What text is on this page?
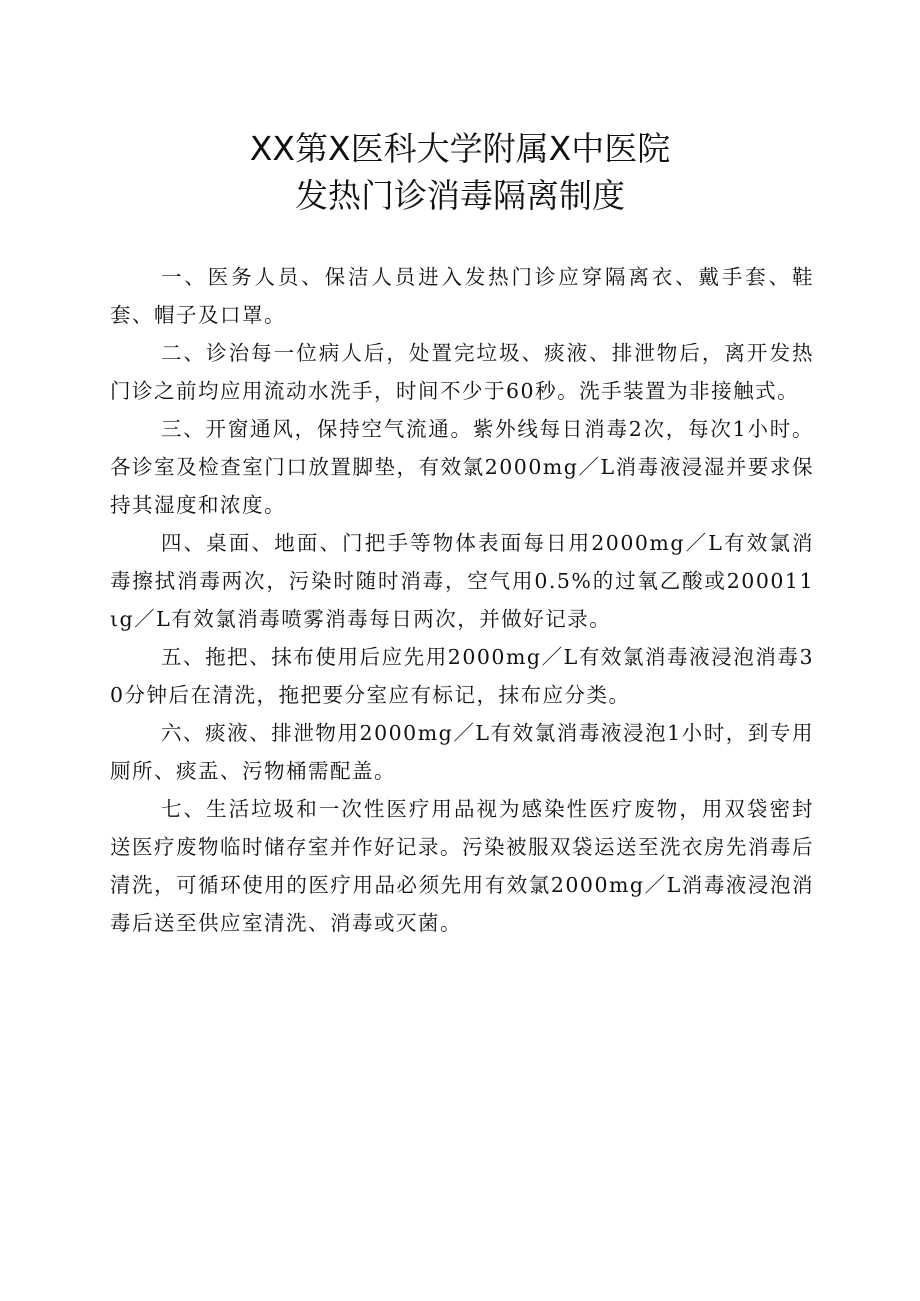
XX第X医科大学附属X中医院
发热门诊消毒隔离制度

一、医务人员、保洁人员进入发热门诊应穿隔离衣、戴手套、鞋套、帽子及口罩。

二、诊治每一位病人后，处置完垃圾、痰液、排泄物后，离开发热门诊之前均应用流动水洗手，时间不少于60秒。洗手装置为非接触式。

三、开窗通风，保持空气流通。紫外线每日消毒2次，每次1小时。各诊室及检查室门口放置脚垫，有效氯2000mg／L消毒液浸湿并要求保持其湿度和浓度。

四、桌面、地面、门把手等物体表面每日用2000mg／L有效氯消毒擦拭消毒两次，污染时随时消毒，空气用0.5%的过氧乙酸或200011ιg／L有效氯消毒喷雾消毒每日两次，并做好记录。

五、拖把、抹布使用后应先用2000mg／L有效氯消毒液浸泡消毒30分钟后在清洗，拖把要分室应有标记，抹布应分类。

六、痰液、排泄物用2000mg／L有效氯消毒液浸泡1小时，到专用厕所、痰盂、污物桶需配盖。

七、生活垃圾和一次性医疗用品视为感染性医疗废物，用双袋密封送医疗废物临时储存室并作好记录。污染被服双袋运送至洗衣房先消毒后清洗，可循环使用的医疗用品必须先用有效氯2000mg／L消毒液浸泡消毒后送至供应室清洗、消毒或灭菌。
